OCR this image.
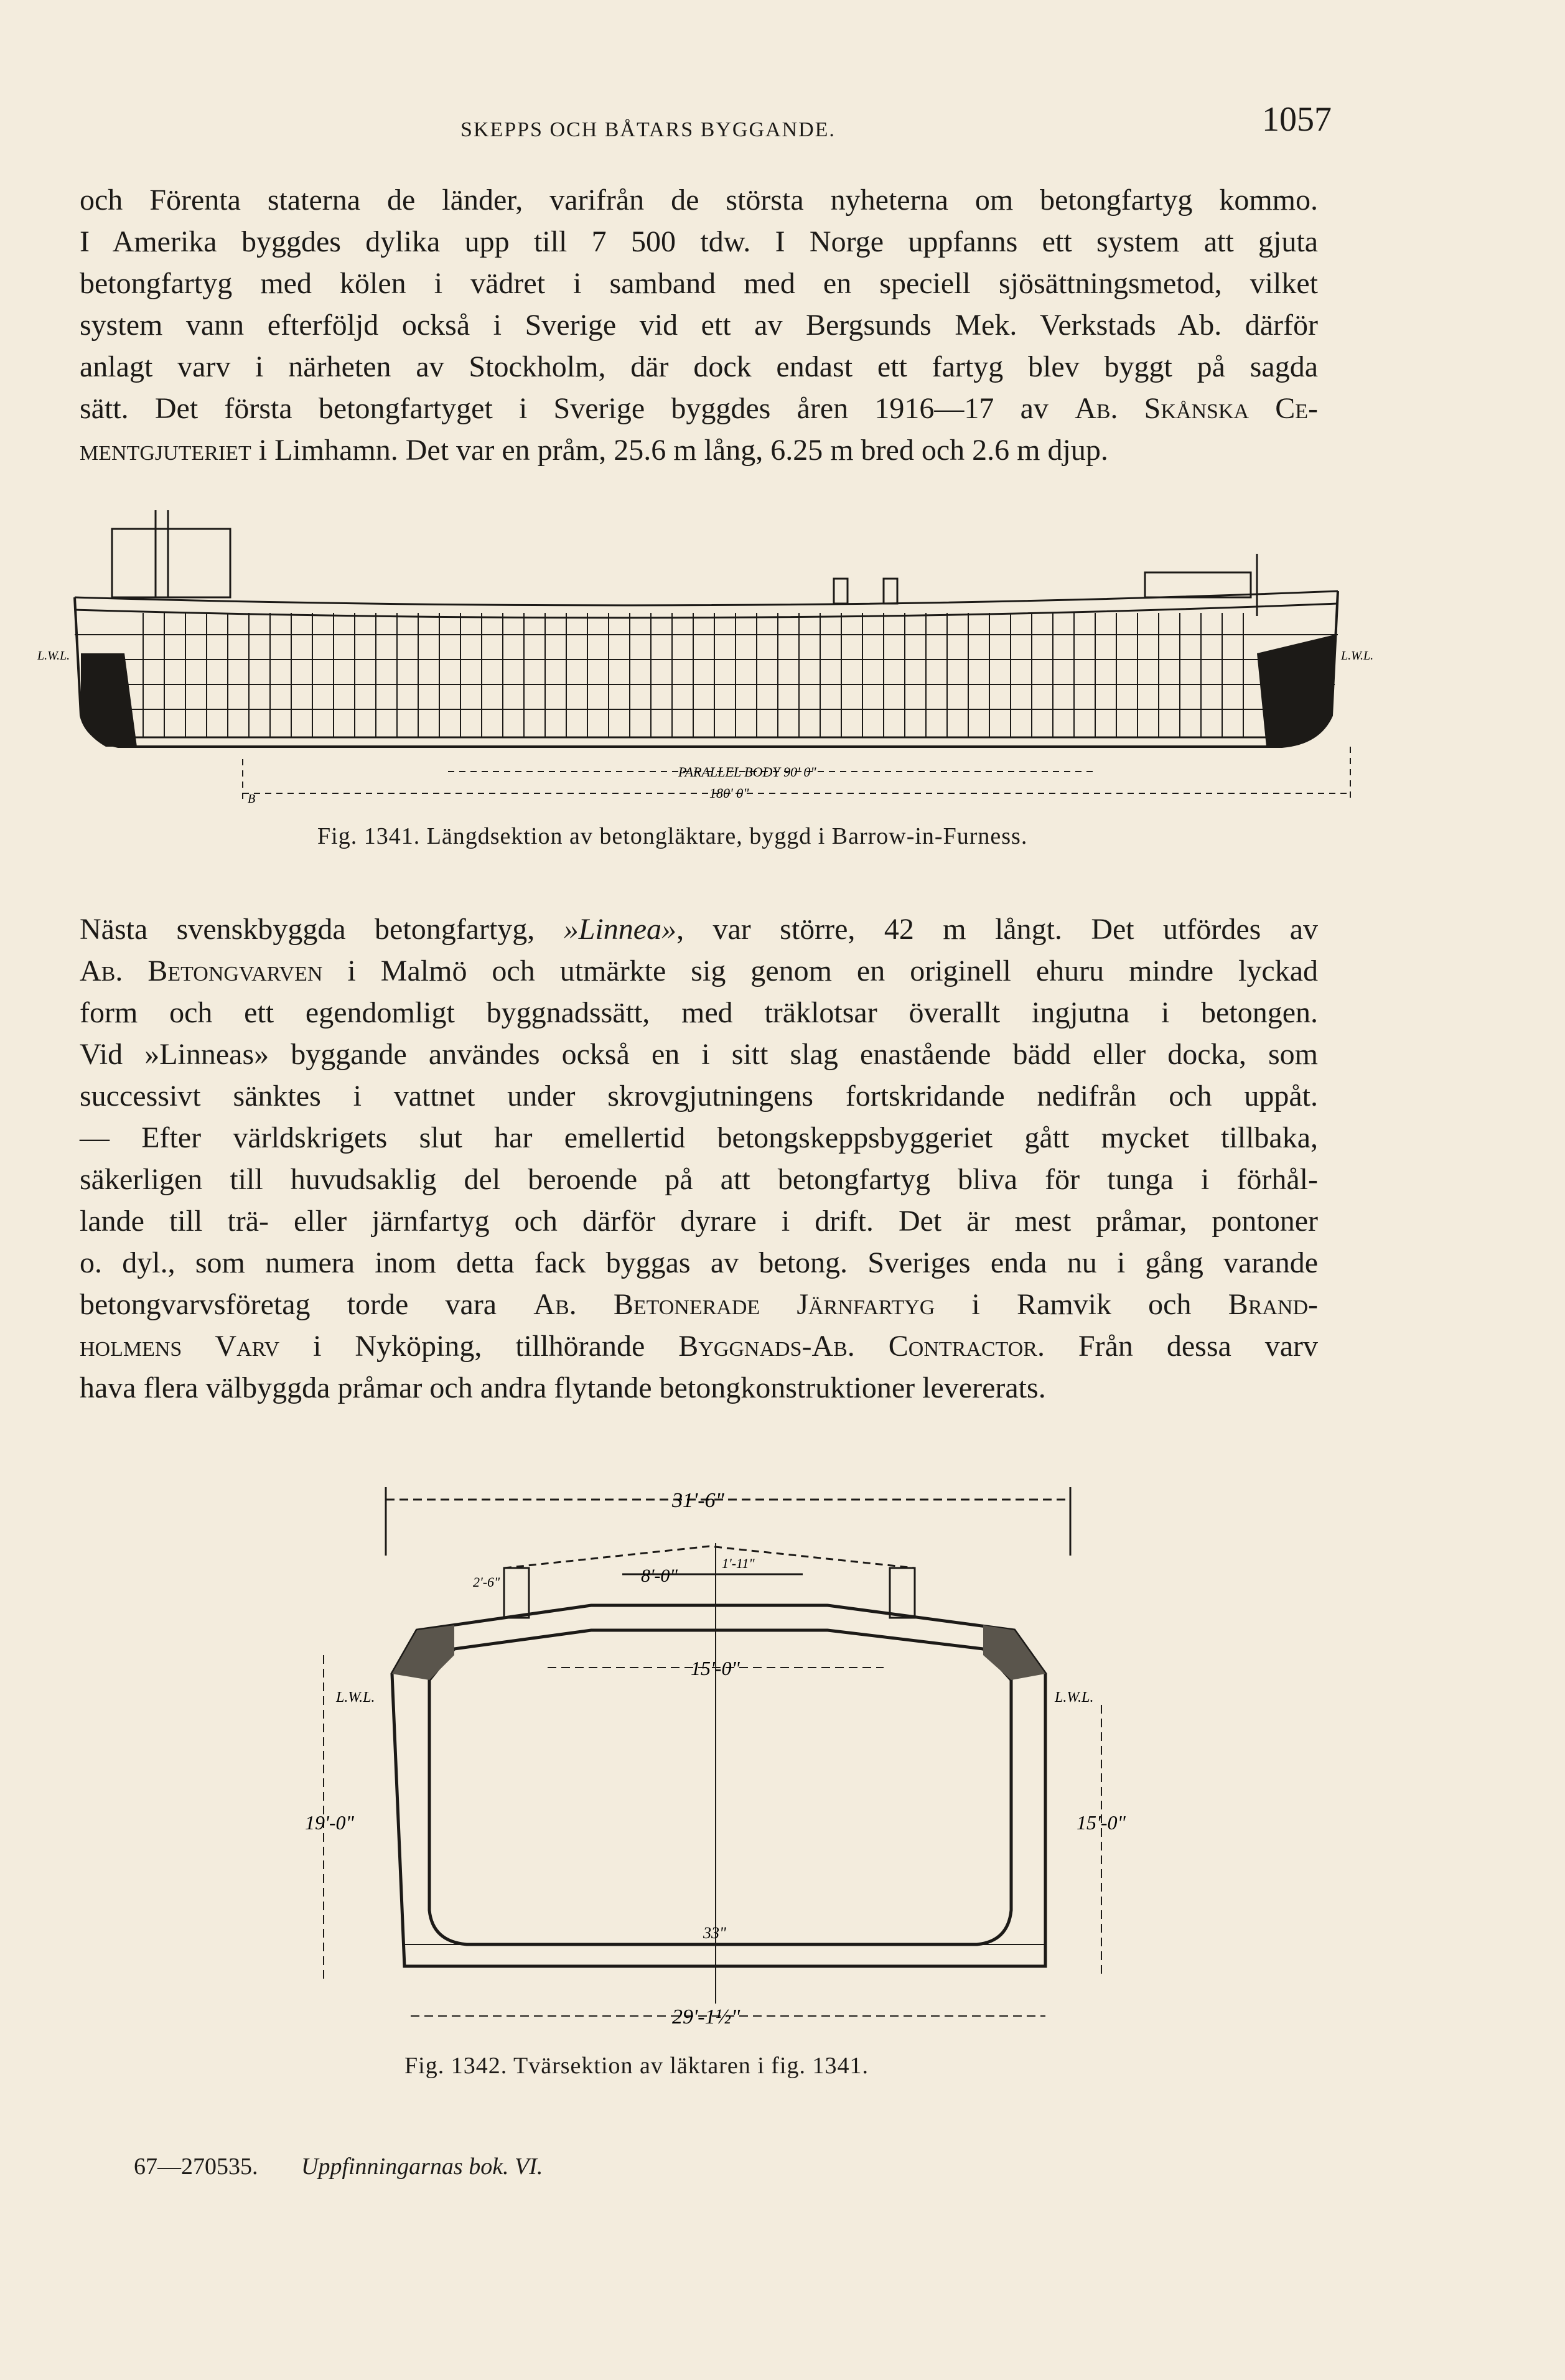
SKEPPS OCH BÅTARS BYGGANDE.	1057
och Förenta staterna de länder, varifrån de största nyheterna om betongfartyg kommo.
I Amerika byggdes dylika upp till 7 500 tdw. I Norge uppfanns ett system att gjuta
betongfartyg med kölen i vädret i samband med en speciell sjösättningsmetod, vilket
system vann efterföljd också i Sverige vid ett av Bergsunds Mek. Verkstads Ab. därför
anlagt varv i närheten av Stockholm, där dock endast ett fartyg blev byggt på sagda
sätt. Det första betongfartyget i Sverige byggdes åren 1916—17 av Ab. Skånska Ce-
mentgjuteriet i Limhamn. Det var en pråm, 25.6 m lång, 6.25 m bred och 2.6 m djup.
PARALLEL BODY 90' 0"
180' 0"
L.W.L.	L.W.L.
B
Fig. 1341. Längdsektion av betongläktare, byggd i Barrow-in-Furness.
Nästa svenskbyggda betongfartyg, »Linnea», var större, 42 m långt. Det utfördes av
Ab. Betongvarven i Malmö och utmärkte sig genom en originell ehuru mindre lyckad
form och ett egendomligt byggnadssätt, med träklotsar överallt ingjutna i betongen.
Vid »Linneas» byggande användes också en i sitt slag enastående bädd eller docka, som
successivt sänktes i vattnet under skrovgjutningens fortskridande nedifrån och uppåt.
— Efter världskrigets slut har emellertid betongskeppsbyggeriet gått mycket tillbaka,
säkerligen till huvudsaklig del beroende på att betongfartyg bliva för tunga i förhål-
lande till trä- eller järnfartyg och därför dyrare i drift. Det är mest pråmar, pontoner
o. dyl., som numera inom detta fack byggas av betong. Sveriges enda nu i gång varande
betongvarvsföretag torde vara Ab. Betonerade Järnfartyg i Ramvik och Brand-
holmens Varv i Nyköping, tillhörande Byggnads-Ab. Contractor. Från dessa varv
hava flera välbyggda pråmar och andra flytande betongkonstruktioner levererats.
31'-6"
8'-0"
1'-11"
2'-6"
15'-0"
19'-0"	15'-0"
29'-1½"
33"
L.W.L.	L.W.L.
Fig. 1342. Tvärsektion av läktaren i fig. 1341.
67—270535. Uppfinningarnas bok. VI.
